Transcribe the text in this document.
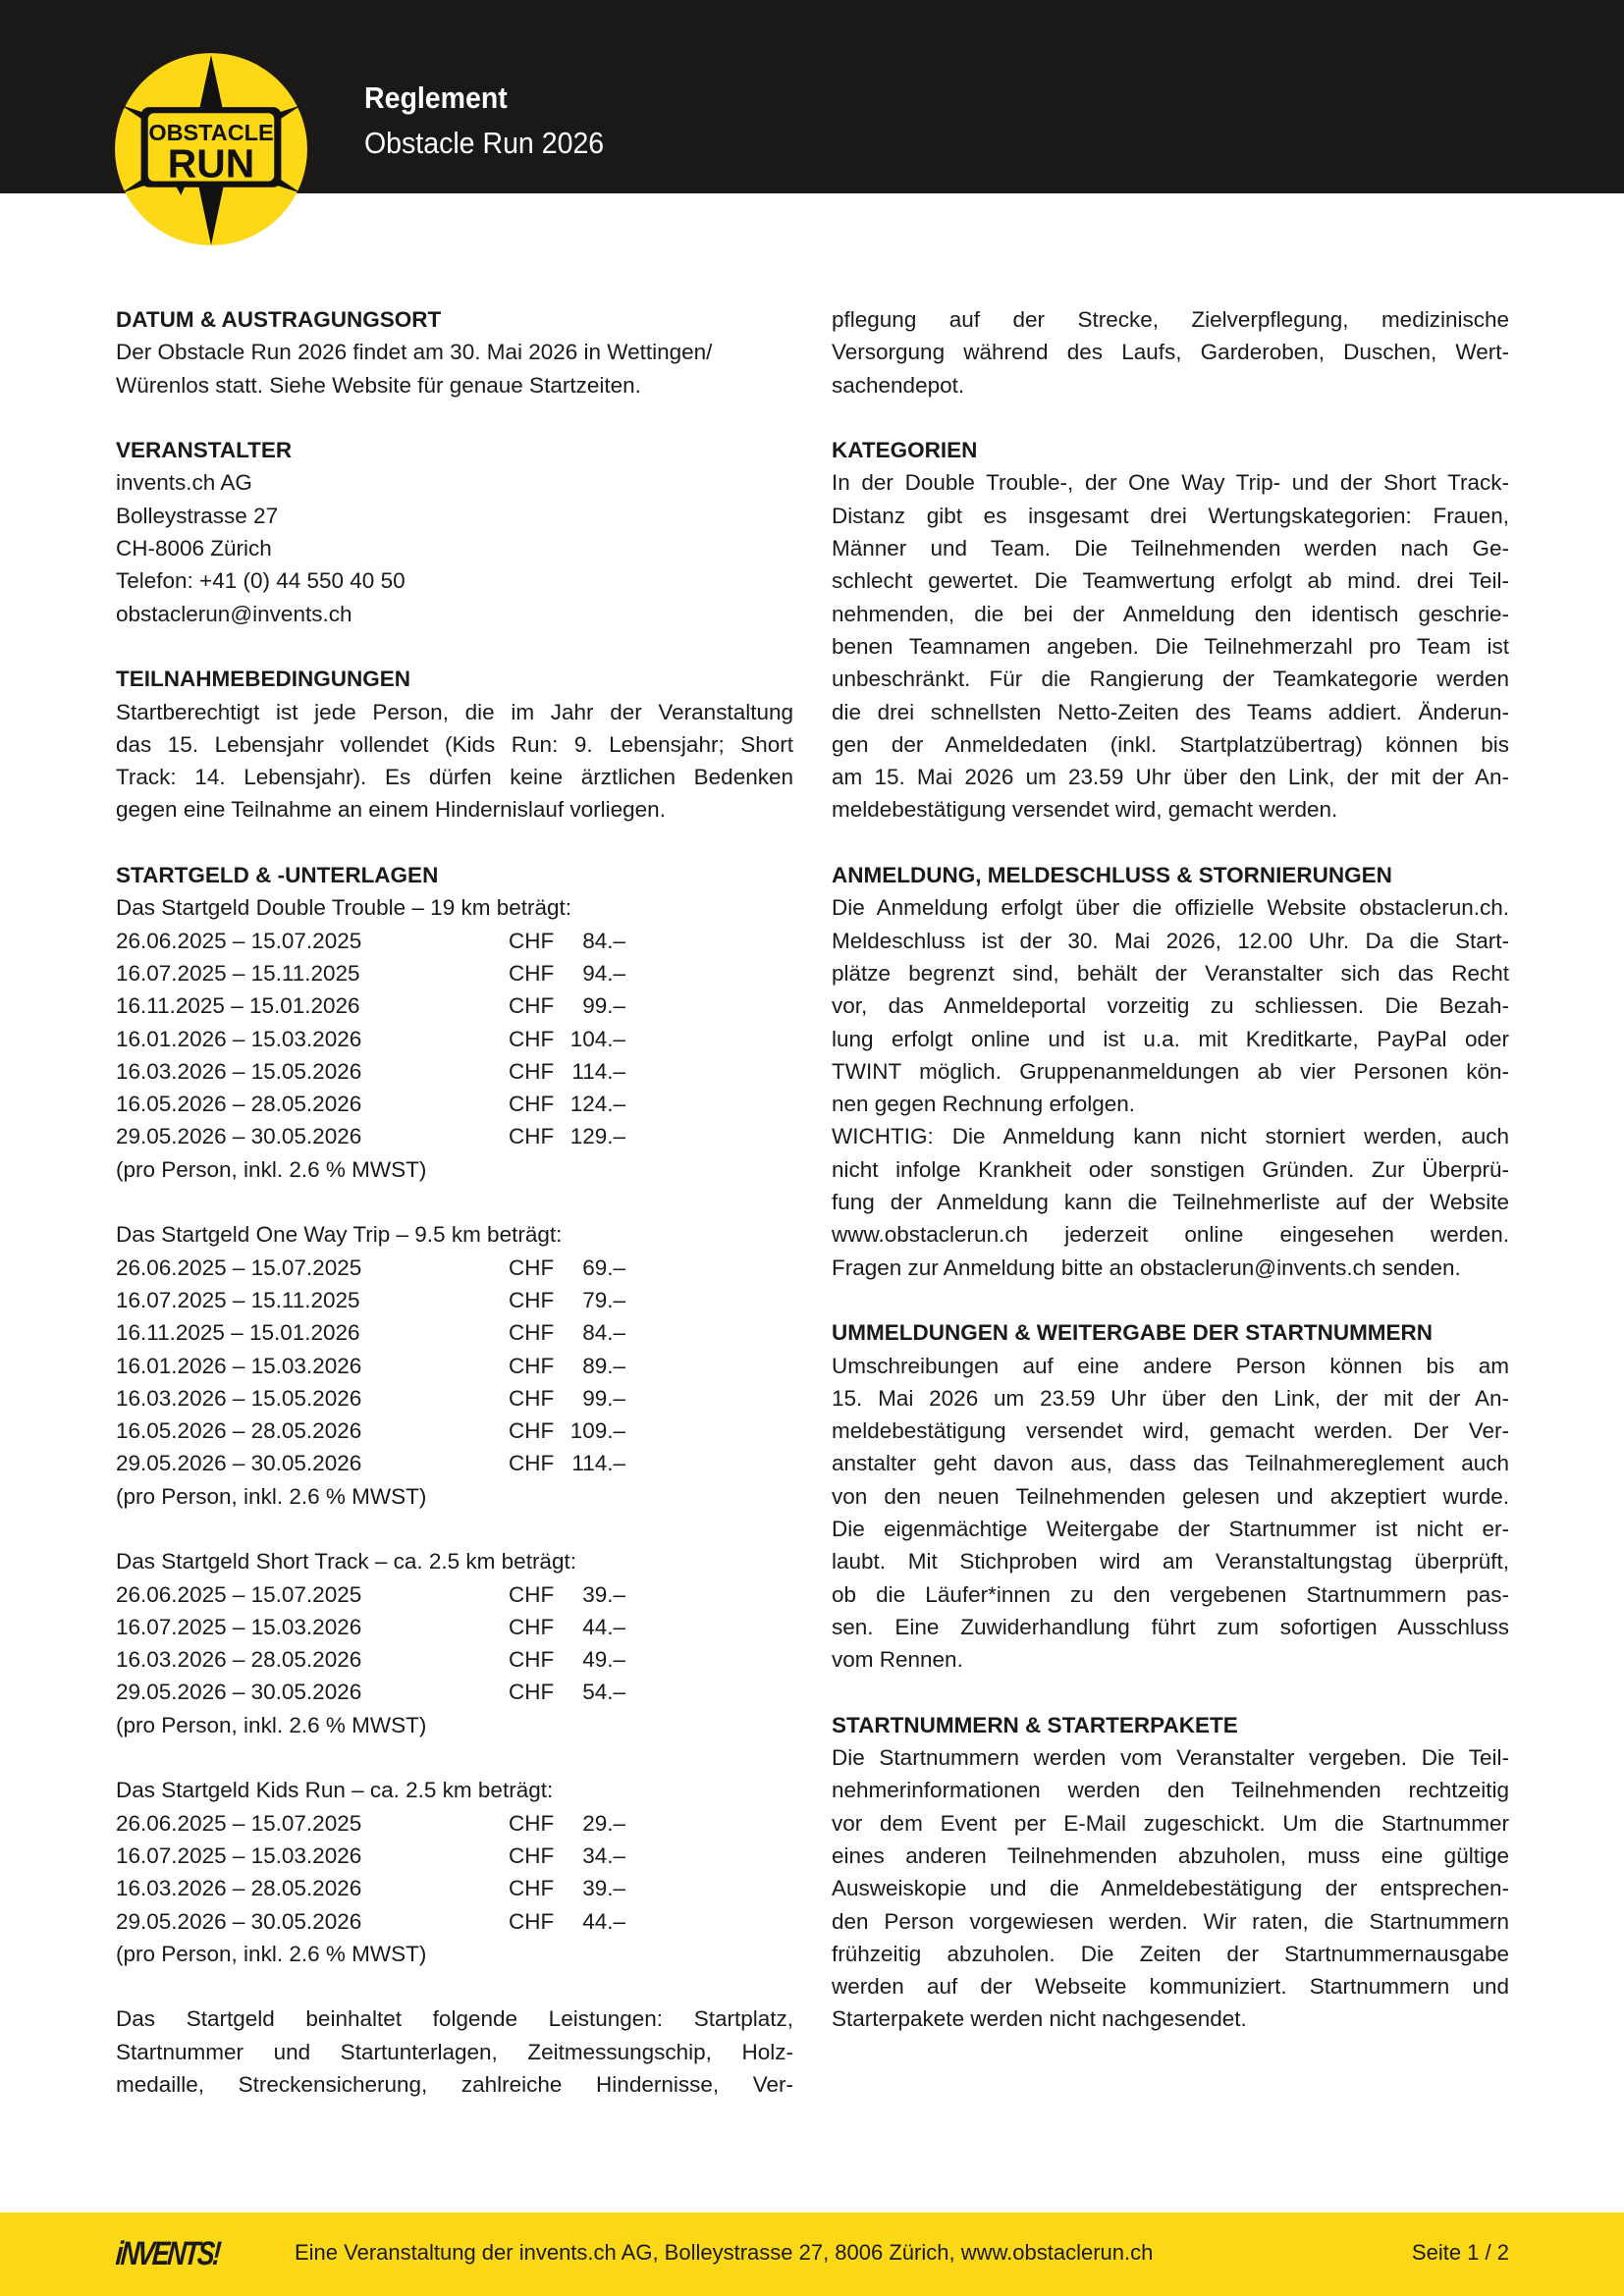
OBSTACLE
RUN
Reglement
Obstacle Run 2026
DATUM & AUSTRAGUNGSORT
Der Obstacle Run 2026 findet am 30. Mai 2026 in Wettingen/
Würenlos statt. Siehe Website für genaue Startzeiten.
VERANSTALTER
invents.ch AG
Bolleystrasse 27
CH-8006 Zürich
Telefon: +41 (0) 44 550 40 50
obstaclerun@invents.ch
TEILNAHMEBEDINGUNGEN
Startberechtigt ist jede Person, die im Jahr der Veranstaltung
das 15. Lebensjahr vollendet (Kids Run: 9. Lebensjahr; Short
Track: 14. Lebensjahr). Es dürfen keine ärztlichen Bedenken
gegen eine Teilnahme an einem Hindernislauf vorliegen.
STARTGELD & -UNTERLAGEN
Das Startgeld Double Trouble – 19 km beträgt:
26.06.2025 – 15.07.2025	CHF	84.–
16.07.2025 – 15.11.2025	CHF	94.–
16.11.2025 – 15.01.2026	CHF	99.–
16.01.2026 – 15.03.2026	CHF 104.–
16.03.2026 – 15.05.2026	CHF 114.–
16.05.2026 – 28.05.2026	CHF 124.–
29.05.2026 – 30.05.2026	CHF 129.–
(pro Person, inkl. 2.6 % MWST)
Das Startgeld One Way Trip – 9.5 km beträgt:
26.06.2025 – 15.07.2025	CHF	69.–
16.07.2025 – 15.11.2025	CHF	79.–
16.11.2025 – 15.01.2026	CHF	84.–
16.01.2026 – 15.03.2026	CHF	89.–
16.03.2026 – 15.05.2026	CHF	99.–
16.05.2026 – 28.05.2026	CHF 109.–
29.05.2026 – 30.05.2026	CHF 114.–
(pro Person, inkl. 2.6 % MWST)
Das Startgeld Short Track – ca. 2.5 km beträgt:
26.06.2025 – 15.07.2025	CHF	39.–
16.07.2025 – 15.03.2026	CHF	44.–
16.03.2026 – 28.05.2026	CHF	49.–
29.05.2026 – 30.05.2026	CHF	54.–
(pro Person, inkl. 2.6 % MWST)
Das Startgeld Kids Run – ca. 2.5 km beträgt:
26.06.2025 – 15.07.2025	CHF	29.–
16.07.2025 – 15.03.2026	CHF	34.–
16.03.2026 – 28.05.2026	CHF	39.–
29.05.2026 – 30.05.2026	CHF	44.–
(pro Person, inkl. 2.6 % MWST)
Das Startgeld beinhaltet folgende Leistungen: Startplatz,
Startnummer und Startunterlagen, Zeitmessungschip, Holz-
medaille, Streckensicherung, zahlreiche Hindernisse, Ver-
pflegung auf der Strecke, Zielverpflegung, medizinische
Versorgung während des Laufs, Garderoben, Duschen, Wert-
sachendepot.
KATEGORIEN
In der Double Trouble-, der One Way Trip- und der Short Track-
Distanz gibt es insgesamt drei Wertungskategorien: Frauen,
Männer und Team. Die Teilnehmenden werden nach Ge-
schlecht gewertet. Die Teamwertung erfolgt ab mind. drei Teil-
nehmenden, die bei der Anmeldung den identisch geschrie-
benen Teamnamen angeben. Die Teilnehmerzahl pro Team ist
unbeschränkt. Für die Rangierung der Teamkategorie werden
die drei schnellsten Netto-Zeiten des Teams addiert. Änderun-
gen der Anmeldedaten (inkl. Startplatzübertrag) können bis
am 15. Mai 2026 um 23.59 Uhr über den Link, der mit der An-
meldebestätigung versendet wird, gemacht werden.
ANMELDUNG, MELDESCHLUSS & STORNIERUNGEN
Die Anmeldung erfolgt über die offizielle Website obstaclerun.ch.
Meldeschluss ist der 30. Mai 2026, 12.00 Uhr. Da die Start-
plätze begrenzt sind, behält der Veranstalter sich das Recht
vor, das Anmeldeportal vorzeitig zu schliessen. Die Bezah-
lung erfolgt online und ist u.a. mit Kreditkarte, PayPal oder
TWINT möglich. Gruppenanmeldungen ab vier Personen kön-
nen gegen Rechnung erfolgen.
WICHTIG: Die Anmeldung kann nicht storniert werden, auch
nicht infolge Krankheit oder sonstigen Gründen. Zur Überprü-
fung der Anmeldung kann die Teilnehmerliste auf der Website
www.obstaclerun.ch jederzeit online eingesehen werden.
Fragen zur Anmeldung bitte an obstaclerun@invents.ch senden.
UMMELDUNGEN & WEITERGABE DER STARTNUMMERN
Umschreibungen auf eine andere Person können bis am
15. Mai 2026 um 23.59 Uhr über den Link, der mit der An-
meldebestätigung versendet wird, gemacht werden. Der Ver-
anstalter geht davon aus, dass das Teilnahmereglement auch
von den neuen Teilnehmenden gelesen und akzeptiert wurde.
Die eigenmächtige Weitergabe der Startnummer ist nicht er-
laubt. Mit Stichproben wird am Veranstaltungstag überprüft,
ob die Läufer*innen zu den vergebenen Startnummern pas-
sen. Eine Zuwiderhandlung führt zum sofortigen Ausschluss
vom Rennen.
STARTNUMMERN & STARTERPAKETE
Die Startnummern werden vom Veranstalter vergeben. Die Teil-
nehmerinformationen werden den Teilnehmenden rechtzeitig
vor dem Event per E-Mail zugeschickt. Um die Startnummer
eines anderen Teilnehmenden abzuholen, muss eine gültige
Ausweiskopie und die Anmeldebestätigung der entsprechen-
den Person vorgewiesen werden. Wir raten, die Startnummern
frühzeitig abzuholen. Die Zeiten der Startnummernausgabe
werden auf der Webseite kommuniziert. Startnummern und
Starterpakete werden nicht nachgesendet.
iNVENTS!	Eine Veranstaltung der invents.ch AG, Bolleystrasse 27, 8006 Zürich, www.obstaclerun.ch	Seite 1 / 2
